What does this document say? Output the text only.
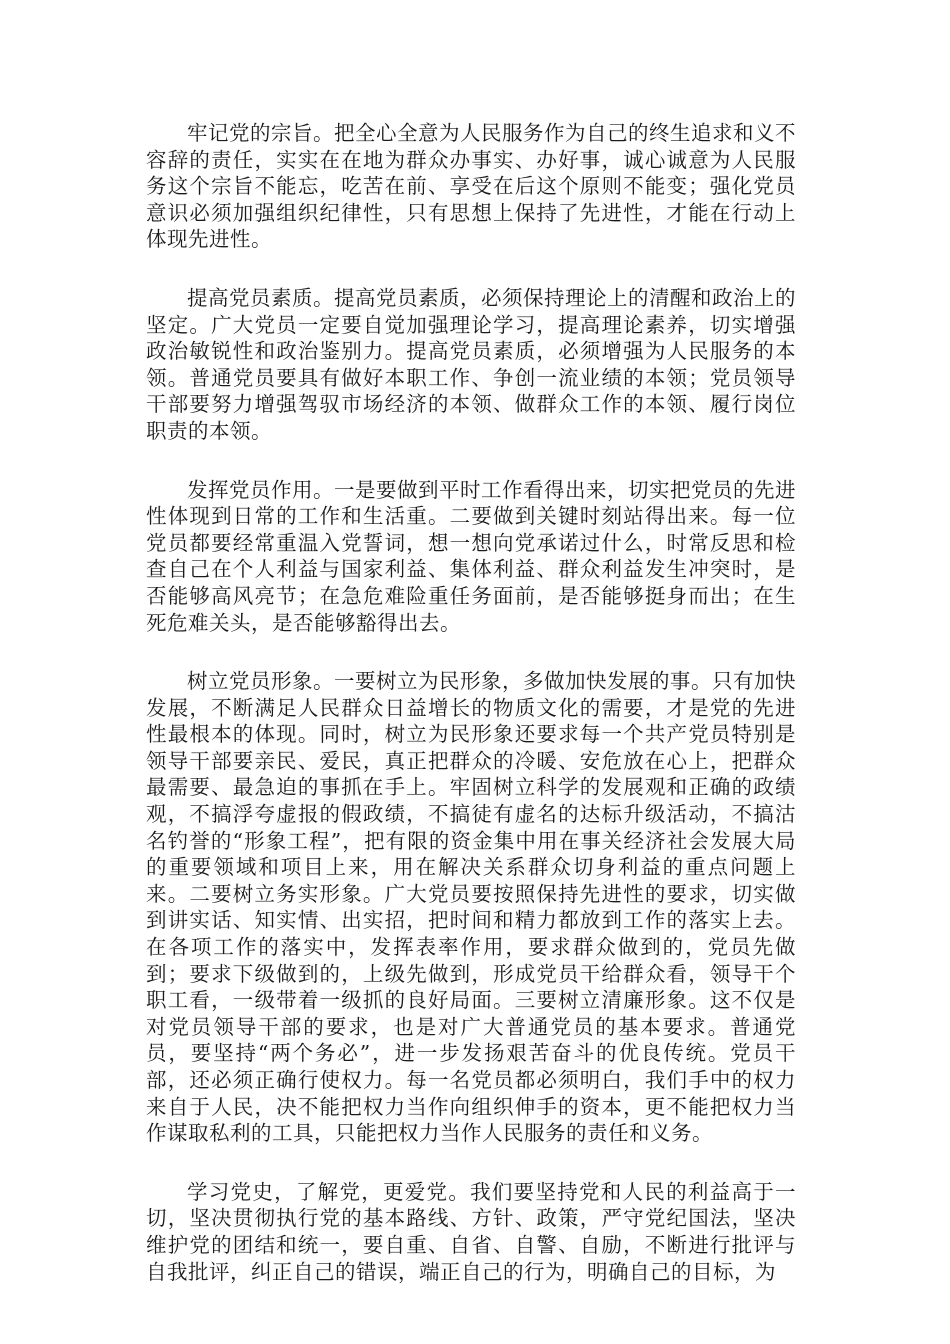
牢记党的宗旨。把全心全意为人民服务作为自己的终生追求和义不容辞的责任，实实在在地为群众办事实、办好事，诚心诚意为人民服务这个宗旨不能忘，吃苦在前、享受在后这个原则不能变；强化党员意识必须加强组织纪律性，只有思想上保持了先进性，才能在行动上体现先进性。

提高党员素质。提高党员素质，必须保持理论上的清醒和政治上的坚定。广大党员一定要自觉加强理论学习，提高理论素养，切实增强政治敏锐性和政治鉴别力。提高党员素质，必须增强为人民服务的本领。普通党员要具有做好本职工作、争创一流业绩的本领；党员领导干部要努力增强驾驭市场经济的本领、做群众工作的本领、履行岗位职责的本领。

发挥党员作用。一是要做到平时工作看得出来，切实把党员的先进性体现到日常的工作和生活重。二要做到关键时刻站得出来。每一位党员都要经常重温入党誓词，想一想向党承诺过什么，时常反思和检查自己在个人利益与国家利益、集体利益、群众利益发生冲突时，是否能够高风亮节；在急危难险重任务面前，是否能够挺身而出；在生死危难关头，是否能够豁得出去。

树立党员形象。一要树立为民形象，多做加快发展的事。只有加快发展，不断满足人民群众日益增长的物质文化的需要，才是党的先进性最根本的体现。同时，树立为民形象还要求每一个共产党员特别是领导干部要亲民、爱民，真正把群众的冷暖、安危放在心上，把群众最需要、最急迫的事抓在手上。牢固树立科学的发展观和正确的政绩观，不搞浮夸虚报的假政绩，不搞徒有虚名的达标升级活动，不搞沽名钓誉的“形象工程”，把有限的资金集中用在事关经济社会发展大局的重要领域和项目上来，用在解决关系群众切身利益的重点问题上来。二要树立务实形象。广大党员要按照保持先进性的要求，切实做到讲实话、知实情、出实招，把时间和精力都放到工作的落实上去。在各项工作的落实中，发挥表率作用，要求群众做到的，党员先做到；要求下级做到的，上级先做到，形成党员干给群众看，领导干个职工看，一级带着一级抓的良好局面。三要树立清廉形象。这不仅是对党员领导干部的要求，也是对广大普通党员的基本要求。普通党员，要坚持“两个务必”，进一步发扬艰苦奋斗的优良传统。党员干部，还必须正确行使权力。每一名党员都必须明白，我们手中的权力来自于人民，决不能把权力当作向组织伸手的资本，更不能把权力当作谋取私利的工具，只能把权力当作人民服务的责任和义务。

学习党史，了解党，更爱党。我们要坚持党和人民的利益高于一切，坚决贯彻执行党的基本路线、方针、政策，严守党纪国法，坚决维护党的团结和统一，要自重、自省、自警、自励，不断进行批评与自我批评，纠正自己的错误，端正自己的行为，明确自己的目标，为
